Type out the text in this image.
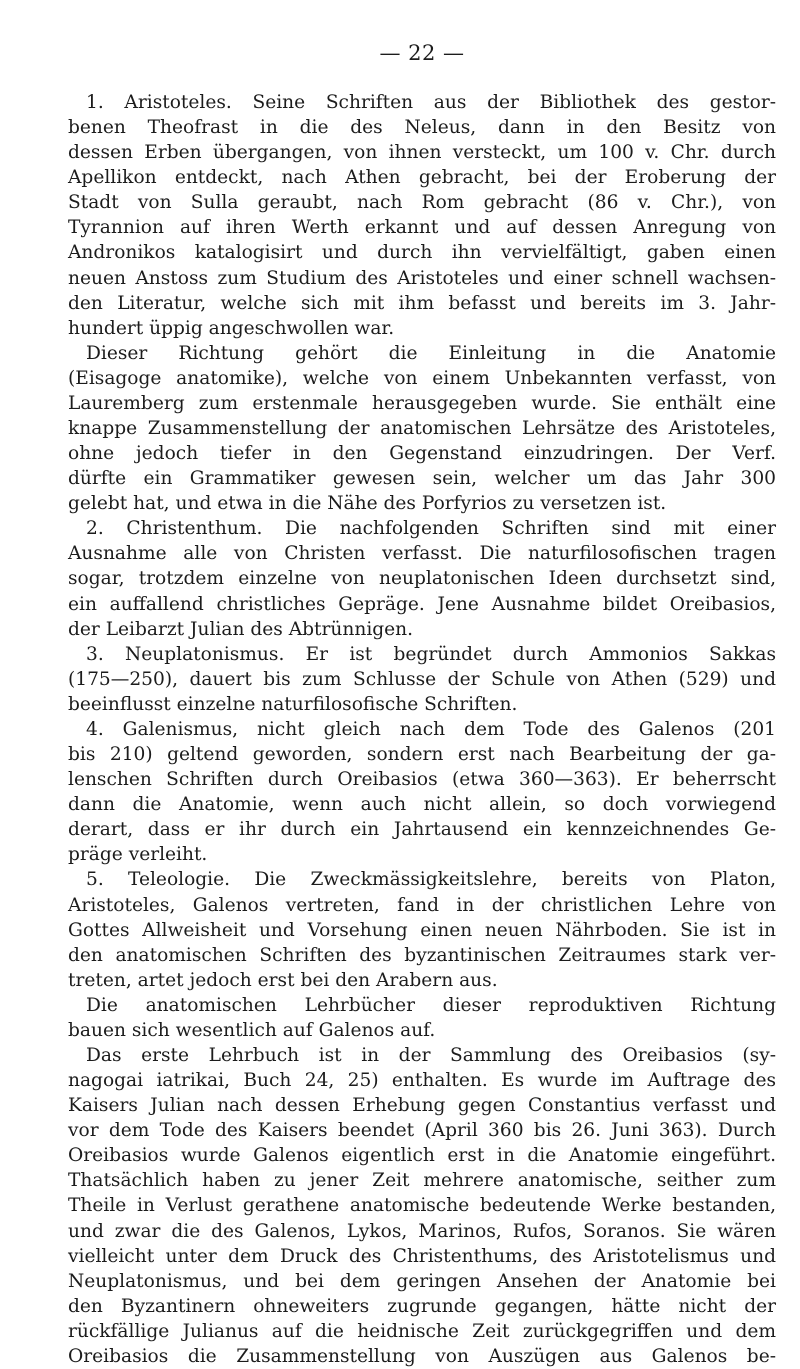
— 22 —
1. Aristoteles. Seine Schriften aus der Bibliothek des gestor-
benen Theofrast in die des Neleus, dann in den Besitz von
dessen Erben übergangen, von ihnen versteckt, um 100 v. Chr. durch
Apellikon entdeckt, nach Athen gebracht, bei der Eroberung der
Stadt von Sulla geraubt, nach Rom gebracht (86 v. Chr.), von
Tyrannion auf ihren Werth erkannt und auf dessen Anregung von
Andronikos katalogisirt und durch ihn vervielfältigt, gaben einen
neuen Anstoss zum Studium des Aristoteles und einer schnell wachsen-
den Literatur, welche sich mit ihm befasst und bereits im 3. Jahr-
hundert üppig angeschwollen war.
Dieser Richtung gehört die Einleitung in die Anatomie
(Eisagoge anatomike), welche von einem Unbekannten verfasst, von
Lauremberg zum erstenmale herausgegeben wurde. Sie enthält eine
knappe Zusammenstellung der anatomischen Lehrsätze des Aristoteles,
ohne jedoch tiefer in den Gegenstand einzudringen. Der Verf.
dürfte ein Grammatiker gewesen sein, welcher um das Jahr 300
gelebt hat, und etwa in die Nähe des Porfyrios zu versetzen ist.
2. Christenthum. Die nachfolgenden Schriften sind mit einer
Ausnahme alle von Christen verfasst. Die naturfilosofischen tragen
sogar, trotzdem einzelne von neuplatonischen Ideen durchsetzt sind,
ein auffallend christliches Gepräge. Jene Ausnahme bildet Oreibasios,
der Leibarzt Julian des Abtrünnigen.
3. Neuplatonismus. Er ist begründet durch Ammonios Sakkas
(175—250), dauert bis zum Schlusse der Schule von Athen (529) und
beeinflusst einzelne naturfilosofische Schriften.
4. Galenismus, nicht gleich nach dem Tode des Galenos (201
bis 210) geltend geworden, sondern erst nach Bearbeitung der ga-
lenschen Schriften durch Oreibasios (etwa 360—363). Er beherrscht
dann die Anatomie, wenn auch nicht allein, so doch vorwiegend
derart, dass er ihr durch ein Jahrtausend ein kennzeichnendes Ge-
präge verleiht.
5. Teleologie. Die Zweckmässigkeitslehre, bereits von Platon,
Aristoteles, Galenos vertreten, fand in der christlichen Lehre von
Gottes Allweisheit und Vorsehung einen neuen Nährboden. Sie ist in
den anatomischen Schriften des byzantinischen Zeitraumes stark ver-
treten, artet jedoch erst bei den Arabern aus.
Die anatomischen Lehrbücher dieser reproduktiven Richtung
bauen sich wesentlich auf Galenos auf.
Das erste Lehrbuch ist in der Sammlung des Oreibasios (sy-
nagogai iatrikai, Buch 24, 25) enthalten. Es wurde im Auftrage des
Kaisers Julian nach dessen Erhebung gegen Constantius verfasst und
vor dem Tode des Kaisers beendet (April 360 bis 26. Juni 363). Durch
Oreibasios wurde Galenos eigentlich erst in die Anatomie eingeführt.
Thatsächlich haben zu jener Zeit mehrere anatomische, seither zum
Theile in Verlust gerathene anatomische bedeutende Werke bestanden,
und zwar die des Galenos, Lykos, Marinos, Rufos, Soranos. Sie wären
vielleicht unter dem Druck des Christenthums, des Aristotelismus und
Neuplatonismus, und bei dem geringen Ansehen der Anatomie bei
den Byzantinern ohneweiters zugrunde gegangen, hätte nicht der
rückfällige Julianus auf die heidnische Zeit zurückgegriffen und dem
Oreibasios die Zusammenstellung von Auszügen aus Galenos be-
